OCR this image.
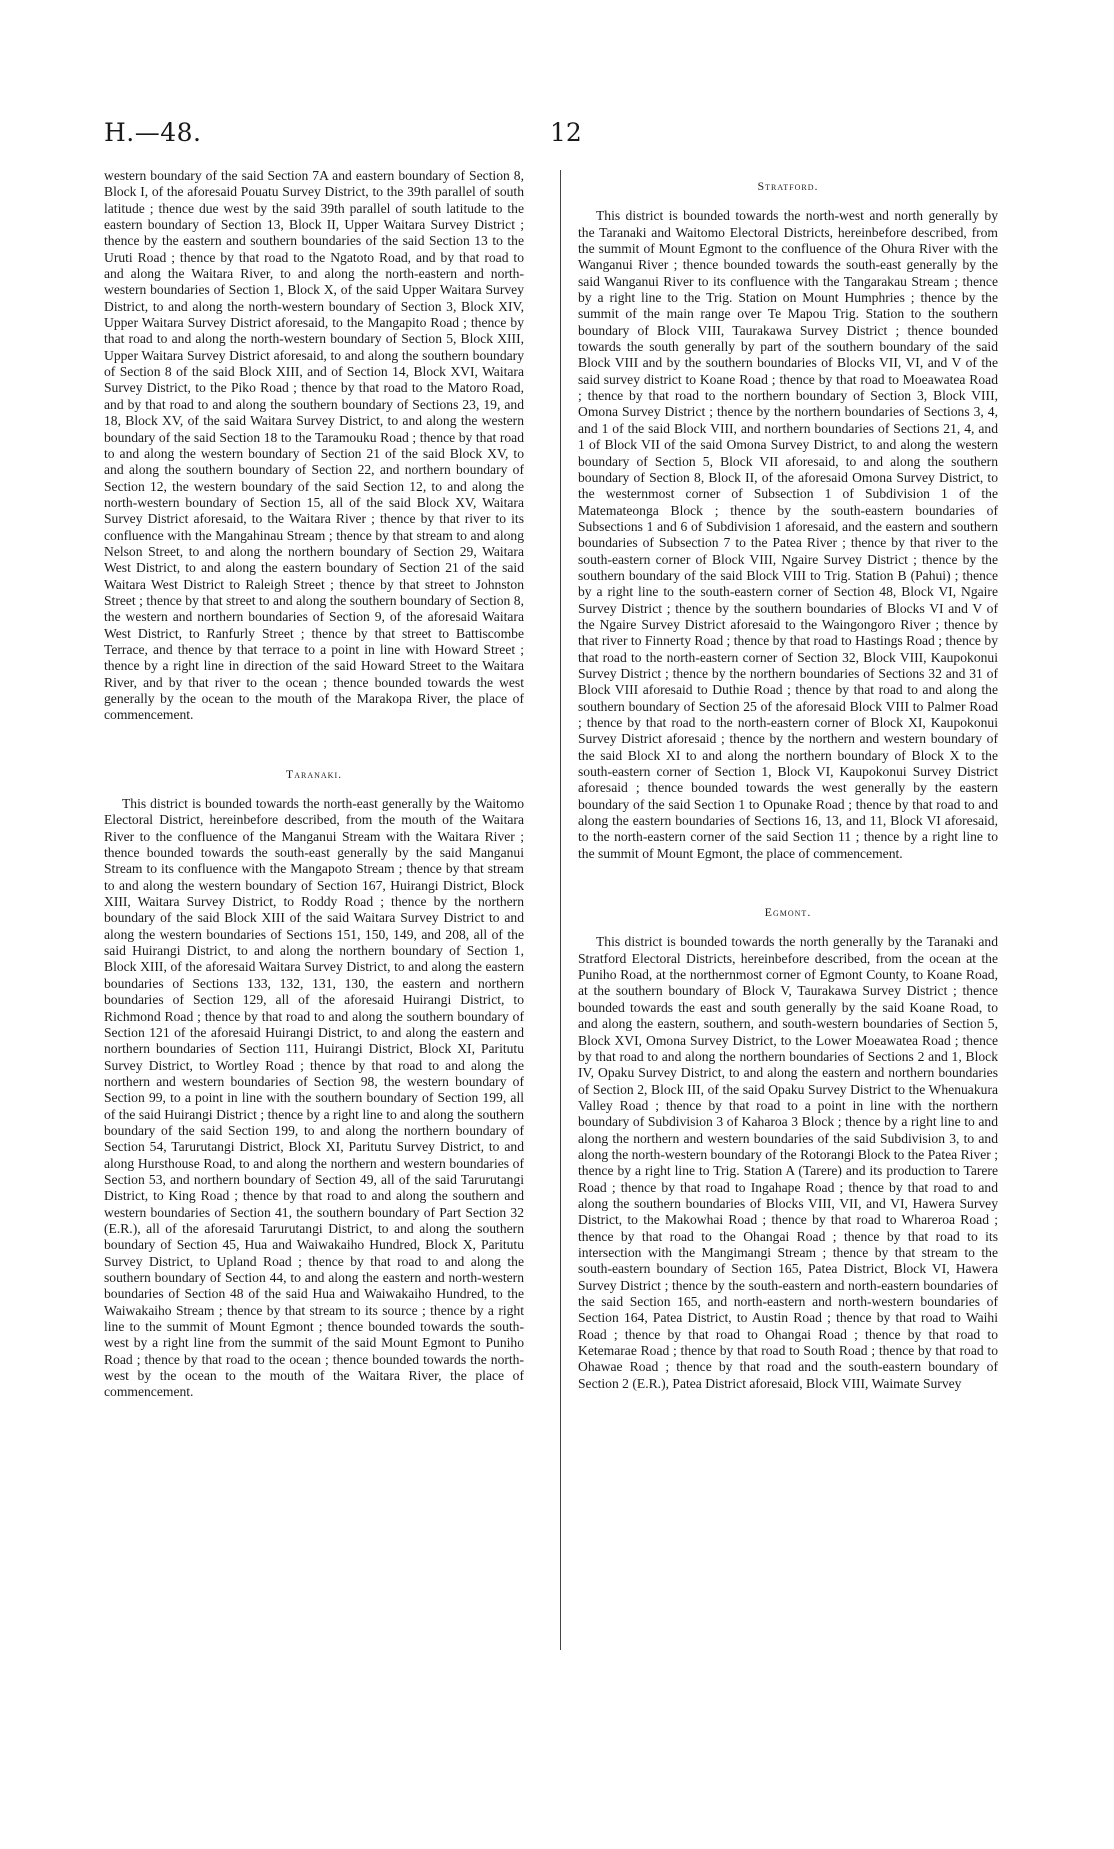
H.—48.	12

western boundary of the said Section 7A and eastern boundary of Section 8, Block I, of the aforesaid Pouatu Survey District, to the 39th parallel of south latitude ; thence due west by the said 39th parallel of south latitude to the eastern boundary of Section 13, Block II, Upper Waitara Survey District ; thence by the eastern and southern boundaries of the said Section 13 to the Uruti Road ; thence by that road to the Ngatoto Road, and by that road to and along the Waitara River, to and along the north-eastern and north-western boundaries of Section 1, Block X, of the said Upper Waitara Survey District, to and along the north-western boundary of Section 3, Block XIV, Upper Waitara Survey District aforesaid, to the Mangapito Road ; thence by that road to and along the north-western boundary of Section 5, Block XIII, Upper Waitara Survey District aforesaid, to and along the southern boundary of Section 8 of the said Block XIII, and of Section 14, Block XVI, Waitara Survey District, to the Piko Road ; thence by that road to the Matoro Road, and by that road to and along the southern boundary of Sections 23, 19, and 18, Block XV, of the said Waitara Survey District, to and along the western boundary of the said Section 18 to the Taramouku Road ; thence by that road to and along the western boundary of Section 21 of the said Block XV, to and along the southern boundary of Section 22, and northern boundary of Section 12, the western boundary of the said Section 12, to and along the north-western boundary of Section 15, all of the said Block XV, Waitara Survey District aforesaid, to the Waitara River ; thence by that river to its confluence with the Mangahinau Stream ; thence by that stream to and along Nelson Street, to and along the northern boundary of Section 29, Waitara West District, to and along the eastern boundary of Section 21 of the said Waitara West District to Raleigh Street ; thence by that street to Johnston Street ; thence by that street to and along the southern boundary of Section 8, the western and northern boundaries of Section 9, of the aforesaid Waitara West District, to Ranfurly Street ; thence by that street to Battiscombe Terrace, and thence by that terrace to a point in line with Howard Street ; thence by a right line in direction of the said Howard Street to the Waitara River, and by that river to the ocean ; thence bounded towards the west generally by the ocean to the mouth of the Marakopa River, the place of commencement.

Taranaki.

This district is bounded towards the north-east generally by the Waitomo Electoral District, hereinbefore described, from the mouth of the Waitara River to the confluence of the Manganui Stream with the Waitara River ; thence bounded towards the south-east generally by the said Manganui Stream to its confluence with the Mangapoto Stream ; thence by that stream to and along the western boundary of Section 167, Huirangi District, Block XIII, Waitara Survey District, to Roddy Road ; thence by the northern boundary of the said Block XIII of the said Waitara Survey District to and along the western boundaries of Sections 151, 150, 149, and 208, all of the said Huirangi District, to and along the northern boundary of Section 1, Block XIII, of the aforesaid Waitara Survey District, to and along the eastern boundaries of Sections 133, 132, 131, 130, the eastern and northern boundaries of Section 129, all of the aforesaid Huirangi District, to Richmond Road ; thence by that road to and along the southern boundary of Section 121 of the aforesaid Huirangi District, to and along the eastern and northern boundaries of Section 111, Huirangi District, Block XI, Paritutu Survey District, to Wortley Road ; thence by that road to and along the northern and western boundaries of Section 98, the western boundary of Section 99, to a point in line with the southern boundary of Section 199, all of the said Huirangi District ; thence by a right line to and along the southern boundary of the said Section 199, to and along the northern boundary of Section 54, Tarurutangi District, Block XI, Paritutu Survey District, to and along Hursthouse Road, to and along the northern and western boundaries of Section 53, and northern boundary of Section 49, all of the said Tarurutangi District, to King Road ; thence by that road to and along the southern and western boundaries of Section 41, the southern boundary of Part Section 32 (E.R.), all of the aforesaid Tarurutangi District, to and along the southern boundary of Section 45, Hua and Waiwakaiho Hundred, Block X, Paritutu Survey District, to Upland Road ; thence by that road to and along the southern boundary of Section 44, to and along the eastern and north-western boundaries of Section 48 of the said Hua and Waiwakaiho Hundred, to the Waiwakaiho Stream ; thence by that stream to its source ; thence by a right line to the summit of Mount Egmont ; thence bounded towards the south-west by a right line from the summit of the said Mount Egmont to Puniho Road ; thence by that road to the ocean ; thence bounded towards the north-west by the ocean to the mouth of the Waitara River, the place of commencement.

Stratford.

This district is bounded towards the north-west and north generally by the Taranaki and Waitomo Electoral Districts, hereinbefore described, from the summit of Mount Egmont to the confluence of the Ohura River with the Wanganui River ; thence bounded towards the south-east generally by the said Wanganui River to its confluence with the Tangarakau Stream ; thence by a right line to the Trig. Station on Mount Humphries ; thence by the summit of the main range over Te Mapou Trig. Station to the southern boundary of Block VIII, Taurakawa Survey District ; thence bounded towards the south generally by part of the southern boundary of the said Block VIII and by the southern boundaries of Blocks VII, VI, and V of the said survey district to Koane Road ; thence by that road to Moeawatea Road ; thence by that road to the northern boundary of Section 3, Block VIII, Omona Survey District ; thence by the northern boundaries of Sections 3, 4, and 1 of the said Block VIII, and northern boundaries of Sections 21, 4, and 1 of Block VII of the said Omona Survey District, to and along the western boundary of Section 5, Block VII aforesaid, to and along the southern boundary of Section 8, Block II, of the aforesaid Omona Survey District, to the westernmost corner of Subsection 1 of Subdivision 1 of the Matemateonga Block ; thence by the south-eastern boundaries of Subsections 1 and 6 of Subdivision 1 aforesaid, and the eastern and southern boundaries of Subsection 7 to the Patea River ; thence by that river to the south-eastern corner of Block VIII, Ngaire Survey District ; thence by the southern boundary of the said Block VIII to Trig. Station B (Pahui) ; thence by a right line to the south-eastern corner of Section 48, Block VI, Ngaire Survey District ; thence by the southern boundaries of Blocks VI and V of the Ngaire Survey District aforesaid to the Waingongoro River ; thence by that river to Finnerty Road ; thence by that road to Hastings Road ; thence by that road to the north-eastern corner of Section 32, Block VIII, Kaupokonui Survey District ; thence by the northern boundaries of Sections 32 and 31 of Block VIII aforesaid to Duthie Road ; thence by that road to and along the southern boundary of Section 25 of the aforesaid Block VIII to Palmer Road ; thence by that road to the north-eastern corner of Block XI, Kaupokonui Survey District aforesaid ; thence by the northern and western boundary of the said Block XI to and along the northern boundary of Block X to the south-eastern corner of Section 1, Block VI, Kaupokonui Survey District aforesaid ; thence bounded towards the west generally by the eastern boundary of the said Section 1 to Opunake Road ; thence by that road to and along the eastern boundaries of Sections 16, 13, and 11, Block VI aforesaid, to the north-eastern corner of the said Section 11 ; thence by a right line to the summit of Mount Egmont, the place of commencement.

Egmont.

This district is bounded towards the north generally by the Taranaki and Stratford Electoral Districts, hereinbefore described, from the ocean at the Puniho Road, at the northernmost corner of Egmont County, to Koane Road, at the southern boundary of Block V, Taurakawa Survey District ; thence bounded towards the east and south generally by the said Koane Road, to and along the eastern, southern, and south-western boundaries of Section 5, Block XVI, Omona Survey District, to the Lower Moeawatea Road ; thence by that road to and along the northern boundaries of Sections 2 and 1, Block IV, Opaku Survey District, to and along the eastern and northern boundaries of Section 2, Block III, of the said Opaku Survey District to the Whenuakura Valley Road ; thence by that road to a point in line with the northern boundary of Subdivision 3 of Kaharoa 3 Block ; thence by a right line to and along the northern and western boundaries of the said Subdivision 3, to and along the north-western boundary of the Rotorangi Block to the Patea River ; thence by a right line to Trig. Station A (Tarere) and its production to Tarere Road ; thence by that road to Ingahape Road ; thence by that road to and along the southern boundaries of Blocks VIII, VII, and VI, Hawera Survey District, to the Makowhai Road ; thence by that road to Whareroa Road ; thence by that road to the Ohangai Road ; thence by that road to its intersection with the Mangimangi Stream ; thence by that stream to the south-eastern boundary of Section 165, Patea District, Block VI, Hawera Survey District ; thence by the south-eastern and north-eastern boundaries of the said Section 165, and north-eastern and north-western boundaries of Section 164, Patea District, to Austin Road ; thence by that road to Waihi Road ; thence by that road to Ohangai Road ; thence by that road to Ketemarae Road ; thence by that road to South Road ; thence by that road to Ohawae Road ; thence by that road and the south-eastern boundary of Section 2 (E.R.), Patea District aforesaid, Block VIII, Waimate Survey
